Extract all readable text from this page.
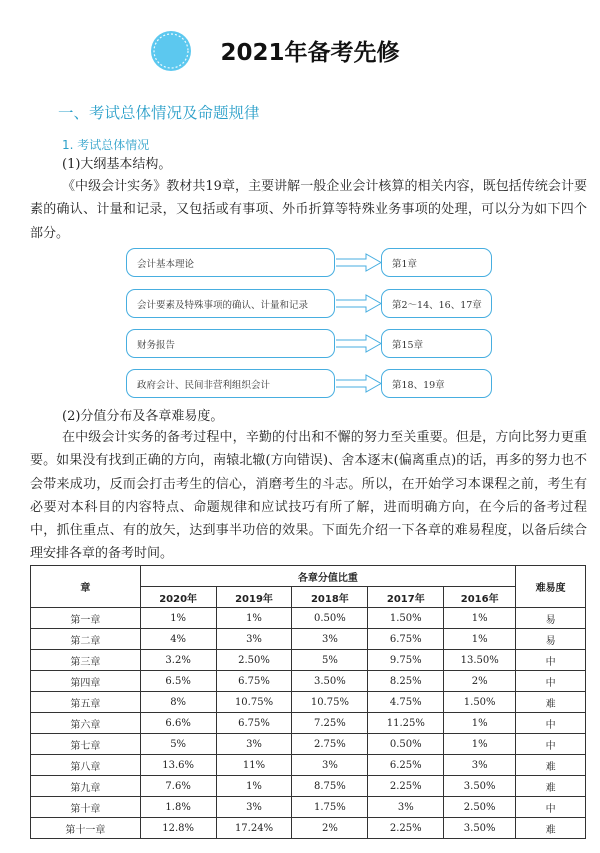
2021年备考先修
一、考试总体情况及命题规律
1. 考试总体情况
(1)大纲基本结构。
《中级会计实务》教材共19章，主要讲解一般企业会计核算的相关内容，既包括传统会计要素的确认、计量和记录，又包括或有事项、外币折算等特殊业务事项的处理，可以分为如下四个部分。
会计基本理论
会计要素及特殊事项的确认、计量和记录
财务报告
政府会计、民间非营利组织会计
第1章
第2～14、16、17章
第15章
第18、19章
(2)分值分布及各章难易度。
在中级会计实务的备考过程中，辛勤的付出和不懈的努力至关重要。但是，方向比努力更重要。如果没有找到正确的方向，南辕北辙(方向错误)、舍本逐末(偏离重点)的话，再多的努力也不会带来成功，反而会打击考生的信心，消磨考生的斗志。所以，在开始学习本课程之前，考生有必要对本科目的内容特点、命题规律和应试技巧有所了解，进而明确方向，在今后的备考过程中，抓住重点、有的放矢，达到事半功倍的效果。下面先介绍一下各章的难易程度，以备后续合理安排各章的备考时间。
章	各章分值比重					难易度
	2020年	2019年	2018年	2017年	2016年	
第一章	1%	1%	0.50%	1.50%	1%	易
第二章	4%	3%	3%	6.75%	1%	易
第三章	3.2%	2.50%	5%	9.75%	13.50%	中
第四章	6.5%	6.75%	3.50%	8.25%	2%	中
第五章	8%	10.75%	10.75%	4.75%	1.50%	难
第六章	6.6%	6.75%	7.25%	11.25%	1%	中
第七章	5%	3%	2.75%	0.50%	1%	中
第八章	13.6%	11%	3%	6.25%	3%	难
第九章	7.6%	1%	8.75%	2.25%	3.50%	难
第十章	1.8%	3%	1.75%	3%	2.50%	中
第十一章	12.8%	17.24%	2%	2.25%	3.50%	难
